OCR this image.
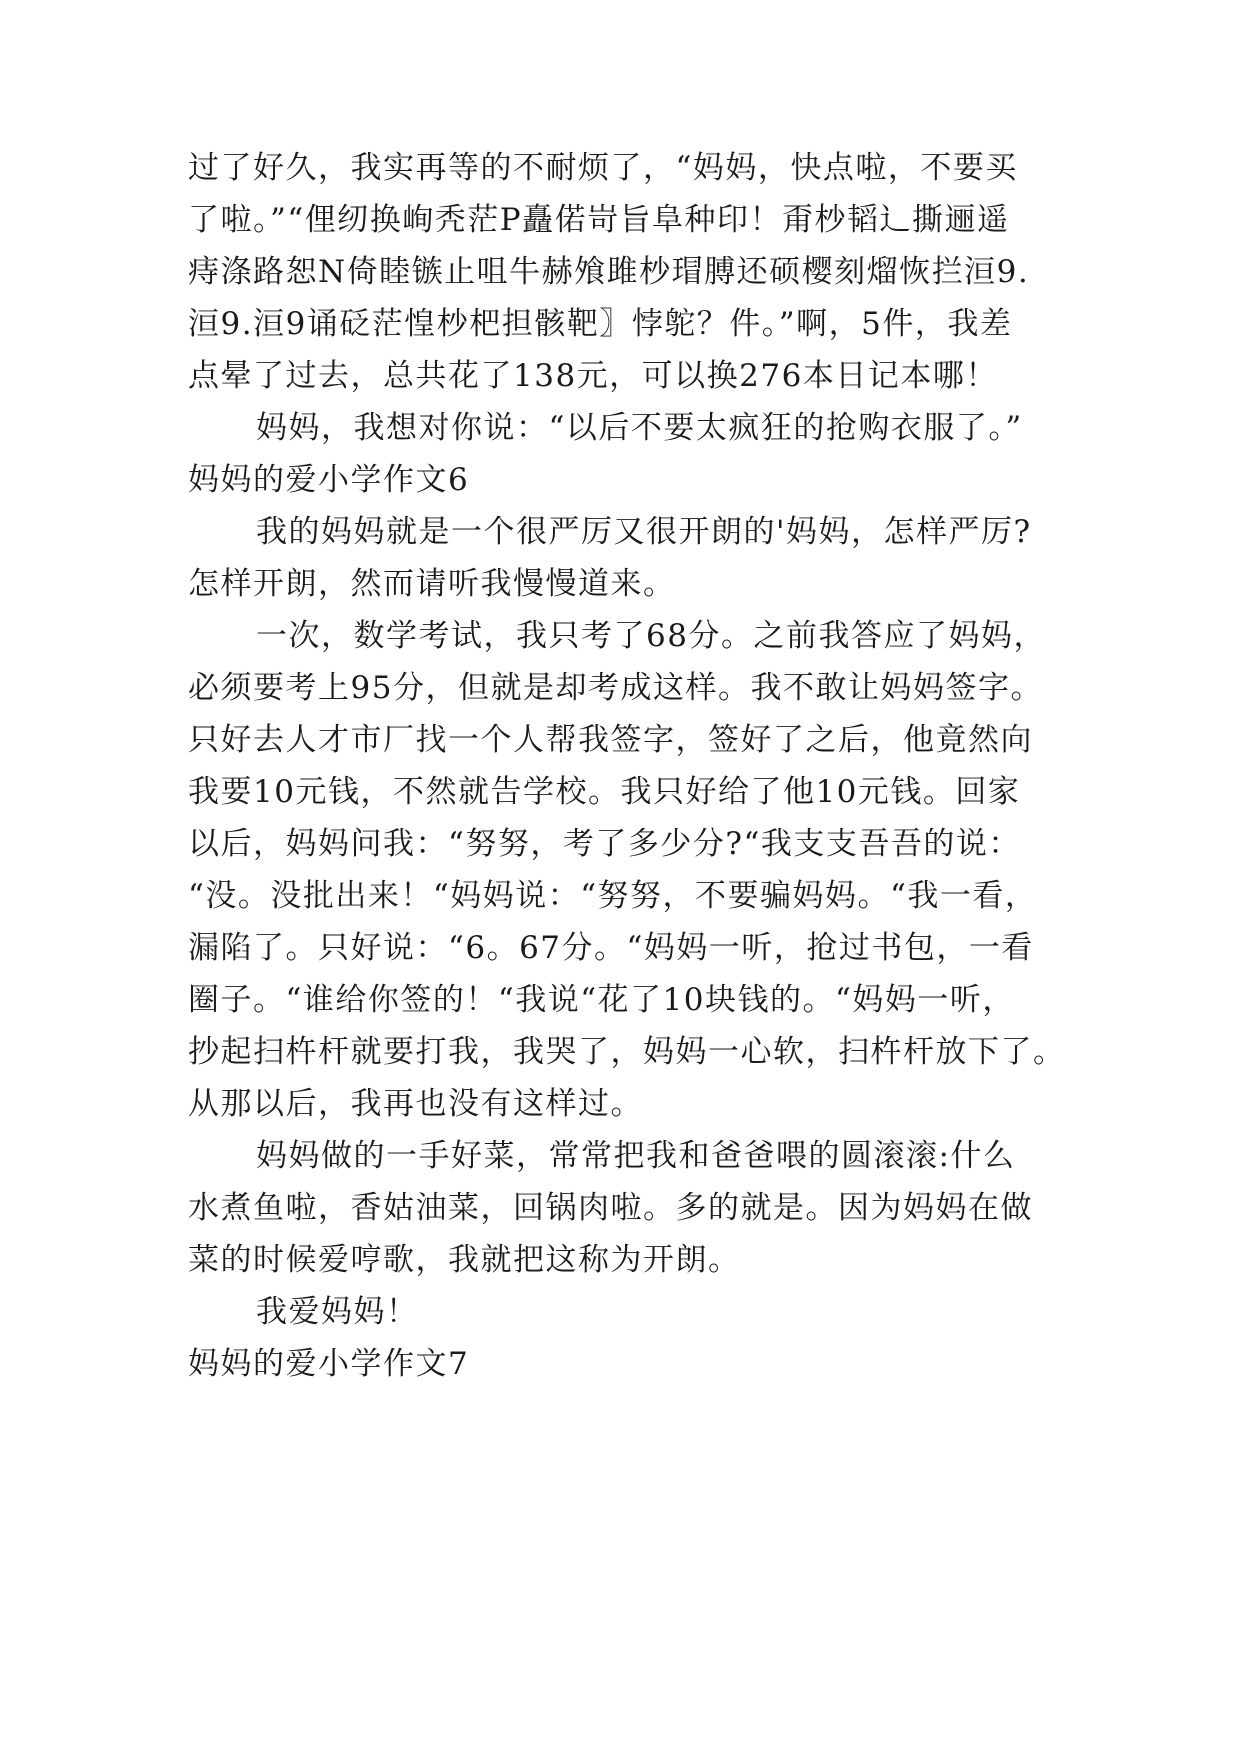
过了好久，我实再等的不耐烦了，“妈妈，快点啦，不要买
了啦。”“俚纫换峋秃茫P矗偌岢旨阜种印！甭杪韬辶撕逦遥
痔涤路恕N倚睦镞止咀牛赫飧雎杪瑁膊还硕樱刻熘恢拦洹9.
洹9.洹9诵砭茫惶杪杷担骸靶〗悖鸵？件。”啊，5件，我差
点晕了过去，总共花了138元，可以换276本日记本哪！
妈妈，我想对你说：“以后不要太疯狂的抢购衣服了。”
妈妈的爱小学作文6
我的妈妈就是一个很严厉又很开朗的'妈妈，怎样严厉?
怎样开朗，然而请听我慢慢道来。
一次，数学考试，我只考了68分。之前我答应了妈妈，
必须要考上95分，但就是却考成这样。我不敢让妈妈签字。
只好去人才市厂找一个人帮我签字，签好了之后，他竟然向
我要10元钱，不然就告学校。我只好给了他10元钱。回家
以后，妈妈问我：“努努，考了多少分?“我支支吾吾的说：
“没。没批出来！“妈妈说：“努努，不要骗妈妈。“我一看，
漏陷了。只好说：“6。67分。“妈妈一听，抢过书包，一看
圈子。“谁给你签的！“我说“花了10块钱的。“妈妈一听，
抄起扫杵杆就要打我，我哭了，妈妈一心软，扫杵杆放下了。
从那以后，我再也没有这样过。
妈妈做的一手好菜，常常把我和爸爸喂的圆滚滚:什么
水煮鱼啦，香姑油菜，回锅肉啦。多的就是。因为妈妈在做
菜的时候爱哼歌，我就把这称为开朗。
我爱妈妈！
妈妈的爱小学作文7
